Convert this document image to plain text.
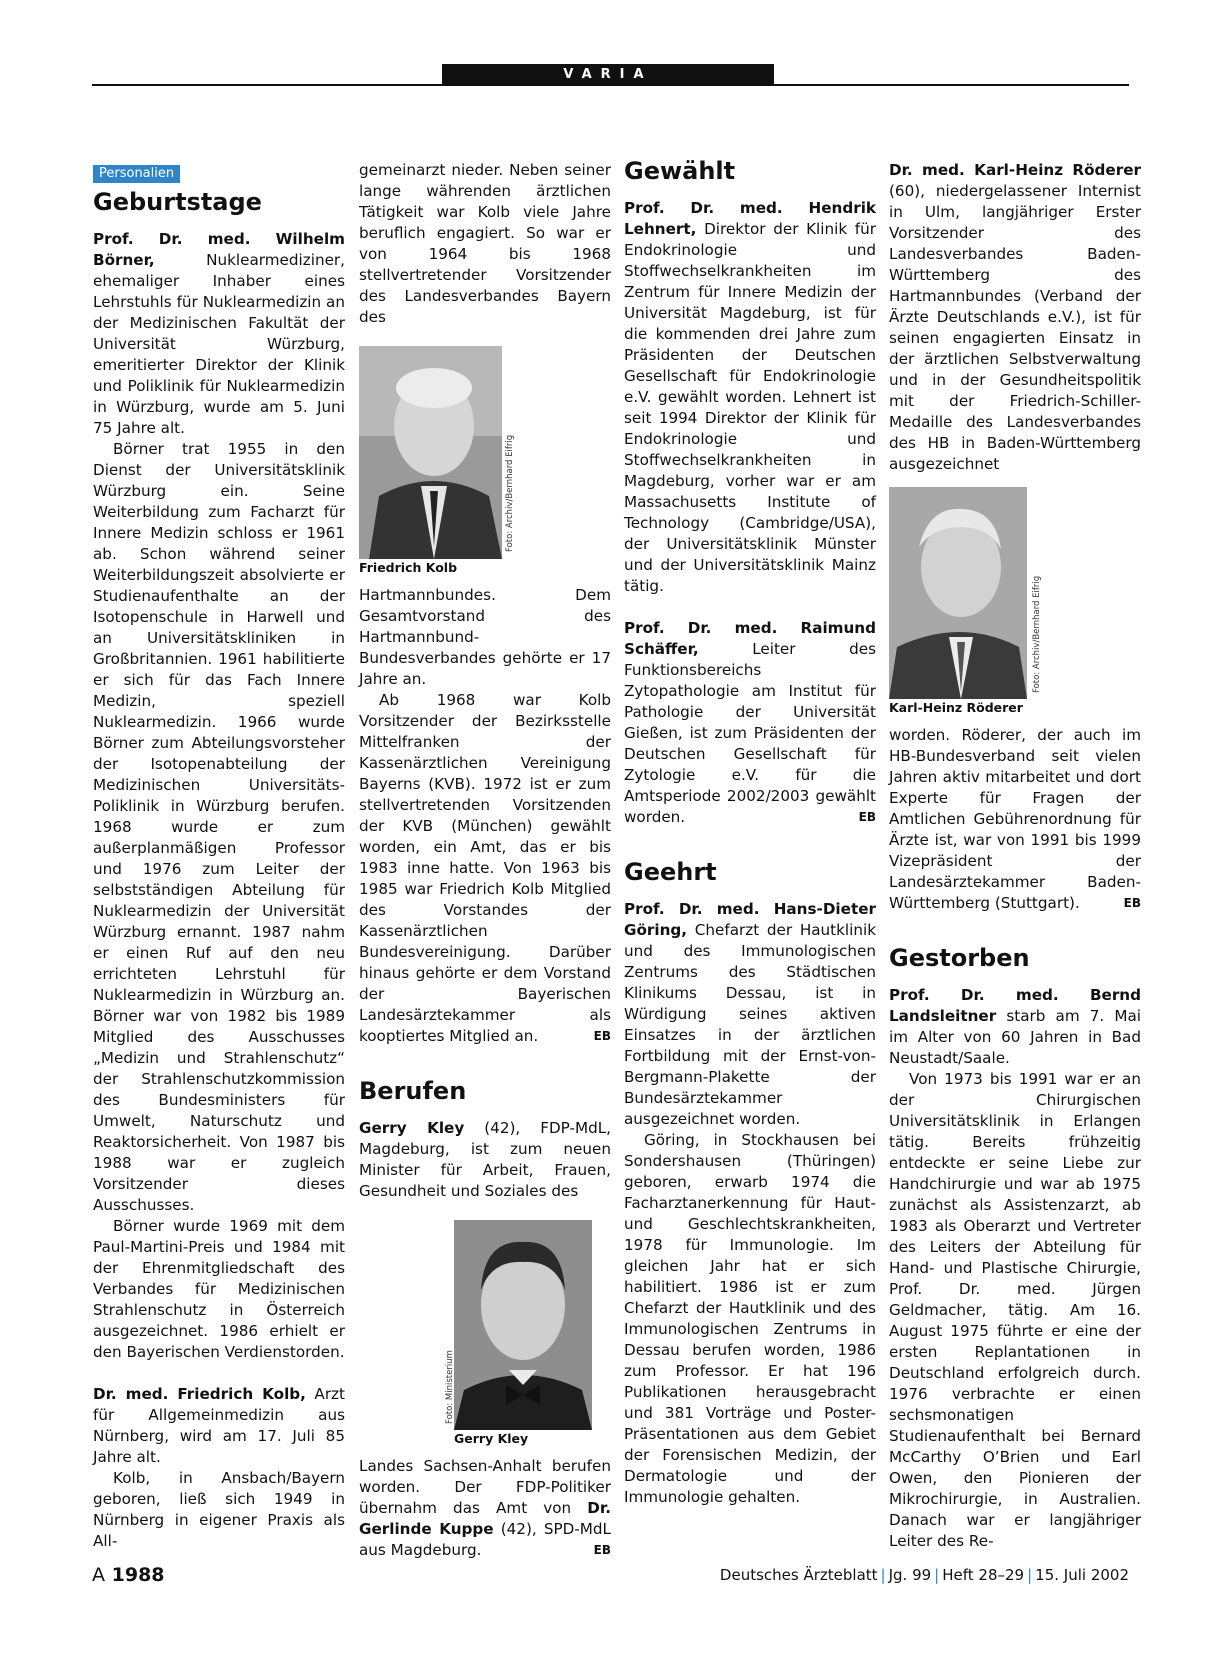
VARIA
Personalien
Geburtstage

Prof. Dr. med. Wilhelm Börner, Nuklearmediziner, ehemaliger Inhaber eines Lehrstuhls für Nuklearmedizin an der Medizinischen Fakultät der Universität Würzburg, emeritierter Direktor der Klinik und Poliklinik für Nuklearmedizin in Würzburg, wurde am 5. Juni 75 Jahre alt.

Börner trat 1955 in den Dienst der Universitätsklinik Würzburg ein. Seine Weiterbildung zum Facharzt für Innere Medizin schloss er 1961 ab. Schon während seiner Weiterbildungszeit absolvierte er Studienaufenthalte an der Isotopenschule in Harwell und an Universitätskliniken in Großbritannien. 1961 habilitierte er sich für das Fach Innere Medizin, speziell Nuklearmedizin. 1966 wurde Börner zum Abteilungsvorsteher der Isotopenabteilung der Medizinischen Universitäts-Poliklinik in Würzburg berufen. 1968 wurde er zum außerplanmäßigen Professor und 1976 zum Leiter der selbstständigen Abteilung für Nuklearmedizin der Universität Würzburg ernannt. 1987 nahm er einen Ruf auf den neu errichteten Lehrstuhl für Nuklearmedizin in Würzburg an. Börner war von 1982 bis 1989 Mitglied des Ausschusses „Medizin und Strahlenschutz“ der Strahlenschutzkommission des Bundesministers für Umwelt, Naturschutz und Reaktorsicherheit. Von 1987 bis 1988 war er zugleich Vorsitzender dieses Ausschusses.

Börner wurde 1969 mit dem Paul-Martini-Preis und 1984 mit der Ehrenmitgliedschaft des Verbandes für Medizinischen Strahlenschutz in Österreich ausgezeichnet. 1986 erhielt er den Bayerischen Verdienstorden.

Dr. med. Friedrich Kolb, Arzt für Allgemeinmedizin aus Nürnberg, wird am 17. Juli 85 Jahre alt.

Kolb, in Ansbach/Bayern geboren, ließ sich 1949 in Nürnberg in eigener Praxis als All-

gemeinarzt nieder. Neben seiner lange währenden ärztlichen Tätigkeit war Kolb viele Jahre beruflich engagiert. So war er von 1964 bis 1968 stellvertretender Vorsitzender des Landesverbandes Bayern des

Foto: Archiv/Bernhard Eifrig
Friedrich Kolb

Hartmannbundes. Dem Gesamtvorstand des Hartmannbund-Bundesverbandes gehörte er 17 Jahre an.

Ab 1968 war Kolb Vorsitzender der Bezirksstelle Mittelfranken der Kassenärztlichen Vereinigung Bayerns (KVB). 1972 ist er zum stellvertretenden Vorsitzenden der KVB (München) gewählt worden, ein Amt, das er bis 1983 inne hatte. Von 1963 bis 1985 war Friedrich Kolb Mitglied des Vorstandes der Kassenärztlichen Bundesvereinigung. Darüber hinaus gehörte er dem Vorstand der Bayerischen Landesärztekammer als kooptiertes Mitglied an.	EB

Berufen

Gerry Kley (42), FDP-MdL, Magdeburg, ist zum neuen Minister für Arbeit, Frauen, Gesundheit und Soziales des

Foto: Ministerium
Gerry Kley

Landes Sachsen-Anhalt berufen worden. Der FDP-Politiker übernahm das Amt von Dr. Gerlinde Kuppe (42), SPD-MdL aus Magdeburg.	EB

Gewählt

Prof. Dr. med. Hendrik Lehnert, Direktor der Klinik für Endokrinologie und Stoffwechselkrankheiten im Zentrum für Innere Medizin der Universität Magdeburg, ist für die kommenden drei Jahre zum Präsidenten der Deutschen Gesellschaft für Endokrinologie e.V. gewählt worden. Lehnert ist seit 1994 Direktor der Klinik für Endokrinologie und Stoffwechselkrankheiten in Magdeburg, vorher war er am Massachusetts Institute of Technology (Cambridge/USA), der Universitätsklinik Münster und der Universitätsklinik Mainz tätig.

Prof. Dr. med. Raimund Schäffer, Leiter des Funktionsbereichs Zytopathologie am Institut für Pathologie der Universität Gießen, ist zum Präsidenten der Deutschen Gesellschaft für Zytologie e.V. für die Amtsperiode 2002/2003 gewählt worden.	EB

Geehrt

Prof. Dr. med. Hans-Dieter Göring, Chefarzt der Hautklinik und des Immunologischen Zentrums des Städtischen Klinikums Dessau, ist in Würdigung seines aktiven Einsatzes in der ärztlichen Fortbildung mit der Ernst-von-Bergmann-Plakette der Bundesärztekammer ausgezeichnet worden.

Göring, in Stockhausen bei Sondershausen (Thüringen) geboren, erwarb 1974 die Facharztanerkennung für Haut- und Geschlechtskrankheiten, 1978 für Immunologie. Im gleichen Jahr hat er sich habilitiert. 1986 ist er zum Chefarzt der Hautklinik und des Immunologischen Zentrums in Dessau berufen worden, 1986 zum Professor. Er hat 196 Publikationen herausgebracht und 381 Vorträge und Poster-Präsentationen aus dem Gebiet der Forensischen Medizin, der Dermatologie und der Immunologie gehalten.

Dr. med. Karl-Heinz Röderer (60), niedergelassener Internist in Ulm, langjähriger Erster Vorsitzender des Landesverbandes Baden-Württemberg des Hartmannbundes (Verband der Ärzte Deutschlands e.V.), ist für seinen engagierten Einsatz in der ärztlichen Selbstverwaltung und in der Gesundheitspolitik mit der Friedrich-Schiller-Medaille des Landesverbandes des HB in Baden-Württemberg ausgezeichnet

Foto: Archiv/Bernhard Eifrig
Karl-Heinz Röderer

worden. Röderer, der auch im HB-Bundesverband seit vielen Jahren aktiv mitarbeitet und dort Experte für Fragen der Amtlichen Gebührenordnung für Ärzte ist, war von 1991 bis 1999 Vizepräsident der Landesärztekammer Baden-Württemberg (Stuttgart).	EB

Gestorben

Prof. Dr. med. Bernd Landsleitner starb am 7. Mai im Alter von 60 Jahren in Bad Neustadt/Saale.

Von 1973 bis 1991 war er an der Chirurgischen Universitätsklinik in Erlangen tätig. Bereits frühzeitig entdeckte er seine Liebe zur Handchirurgie und war ab 1975 zunächst als Assistenzarzt, ab 1983 als Oberarzt und Vertreter des Leiters der Abteilung für Hand- und Plastische Chirurgie, Prof. Dr. med. Jürgen Geldmacher, tätig. Am 16. August 1975 führte er eine der ersten Replantationen in Deutschland erfolgreich durch. 1976 verbrachte er einen sechsmonatigen Studienaufenthalt bei Bernard McCarthy O’Brien und Earl Owen, den Pionieren der Mikrochirurgie, in Australien. Danach war er langjähriger Leiter des Re-

A 1988	Deutsches Ärzteblatt | Jg. 99 | Heft 28–29 | 15. Juli 2002
